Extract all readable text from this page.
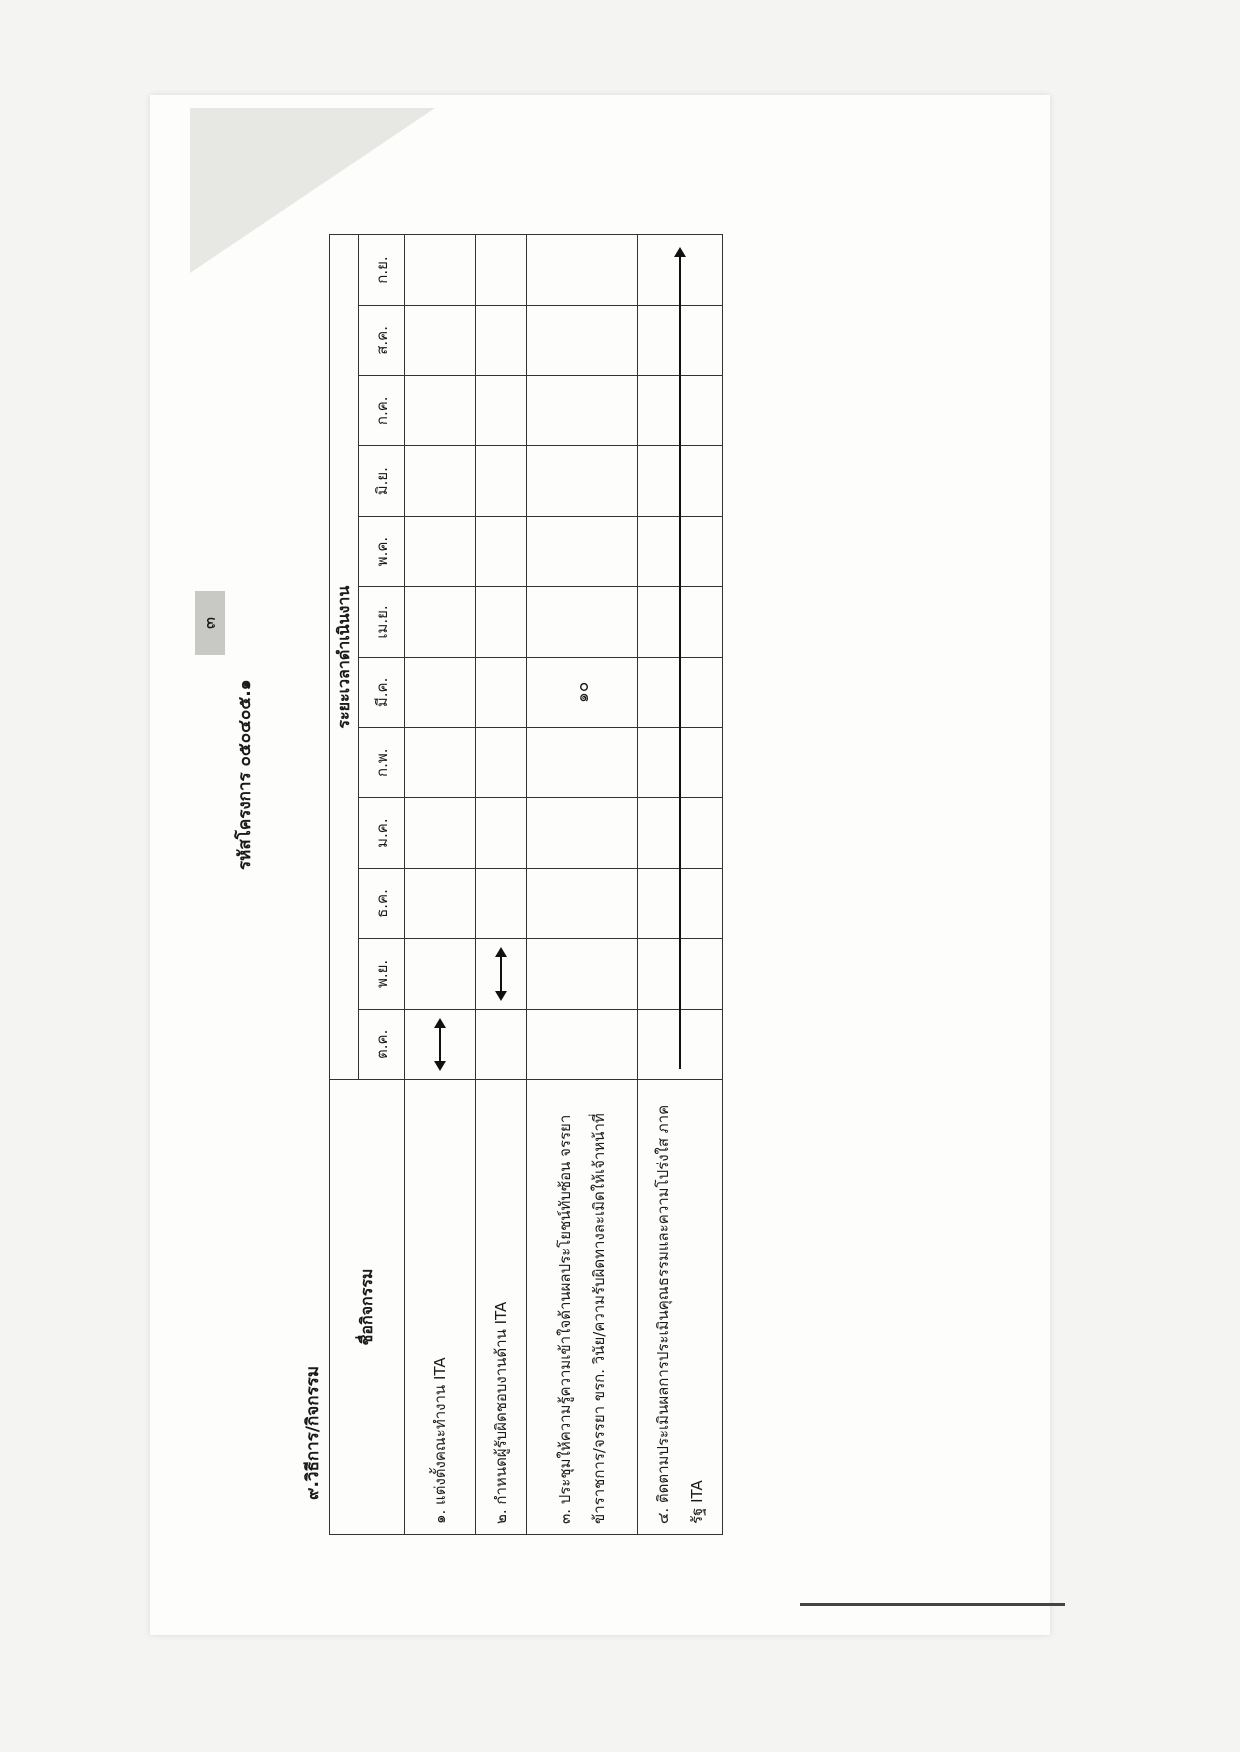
รหัสโครงการ ๐๕๐๔๐๕.๑
๓
๙.วิธีการ/กิจกรรม
ชื่อกิจกรรม	ระยะเวลาดำเนินงาน											
	ต.ค.	พ.ย.	ธ.ค.	ม.ค.	ก.พ.	มี.ค.	เม.ย.	พ.ค.	มิ.ย.	ก.ค.	ส.ค.	ก.ย.
๑. แต่งตั้งคณะทำงาน ITA	

๒. กำหนดผู้รับผิดชอบงานด้าน ITA		

๓. ประชุมให้ความรู้ความเข้าใจด้านผลประโยชน์ทับซ้อน จรรยาข้าราชการ/จรรยา ขรก. วินัย/ความรับผิดทางละเมิดให้เจ้าหน้าที่						๑๐						
๔. ติดตามประเมินผลการประเมินคุณธรรมและความโปร่งใส ภาครัฐ ITA	
